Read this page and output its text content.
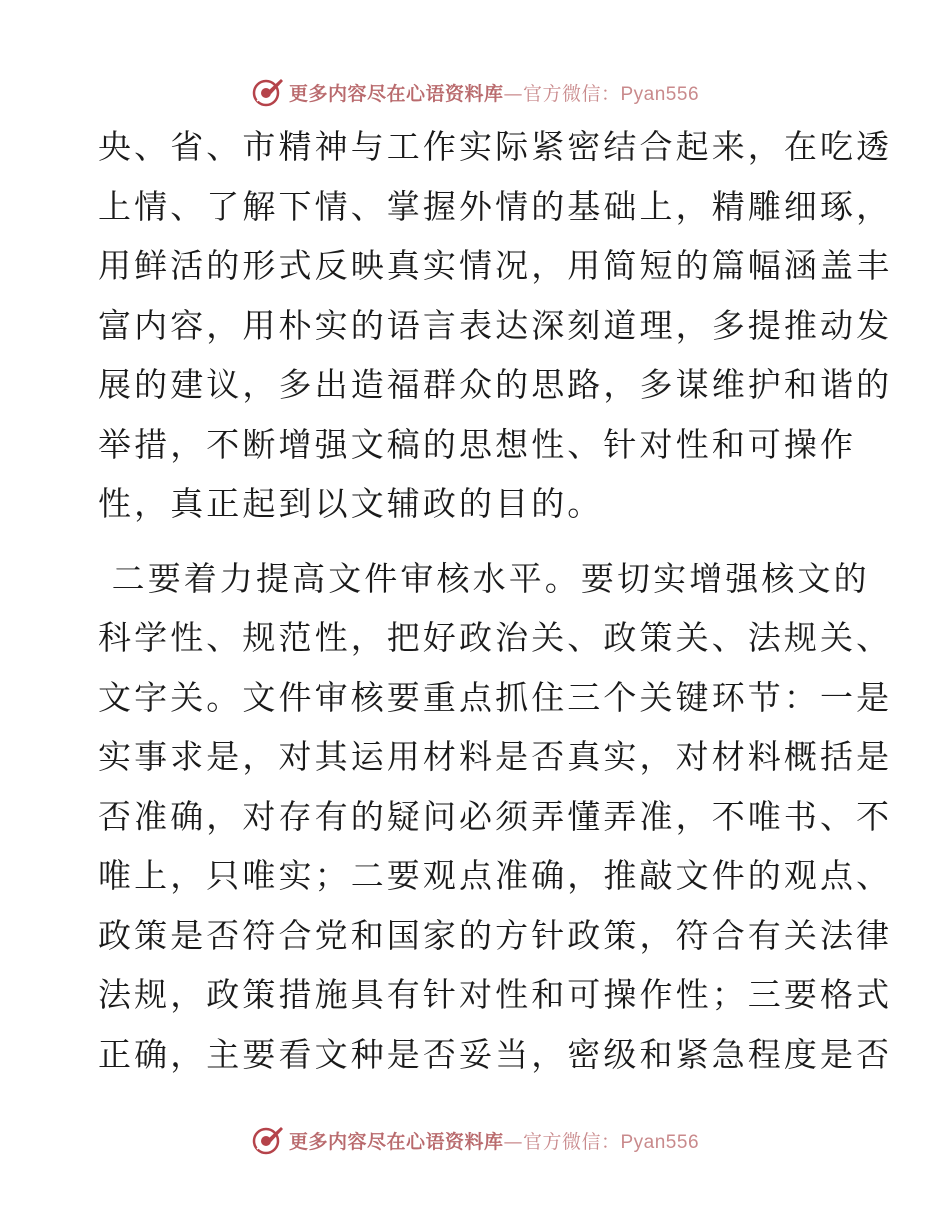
更多内容尽在心语资料库—官方微信：Pyan556
央、省、市精神与工作实际紧密结合起来，在吃透
上情、了解下情、掌握外情的基础上，精雕细琢，
用鲜活的形式反映真实情况，用简短的篇幅涵盖丰
富内容，用朴实的语言表达深刻道理，多提推动发
展的建议，多出造福群众的思路，多谋维护和谐的
举措，不断增强文稿的思想性、针对性和可操作
性，真正起到以文辅政的目的。
二要着力提高文件审核水平。要切实增强核文的
科学性、规范性，把好政治关、政策关、法规关、
文字关。文件审核要重点抓住三个关键环节：一是
实事求是，对其运用材料是否真实，对材料概括是
否准确，对存有的疑问必须弄懂弄准，不唯书、不
唯上，只唯实；二要观点准确，推敲文件的观点、
政策是否符合党和国家的方针政策，符合有关法律
法规，政策措施具有针对性和可操作性；三要格式
正确，主要看文种是否妥当，密级和紧急程度是否
更多内容尽在心语资料库—官方微信：Pyan556
